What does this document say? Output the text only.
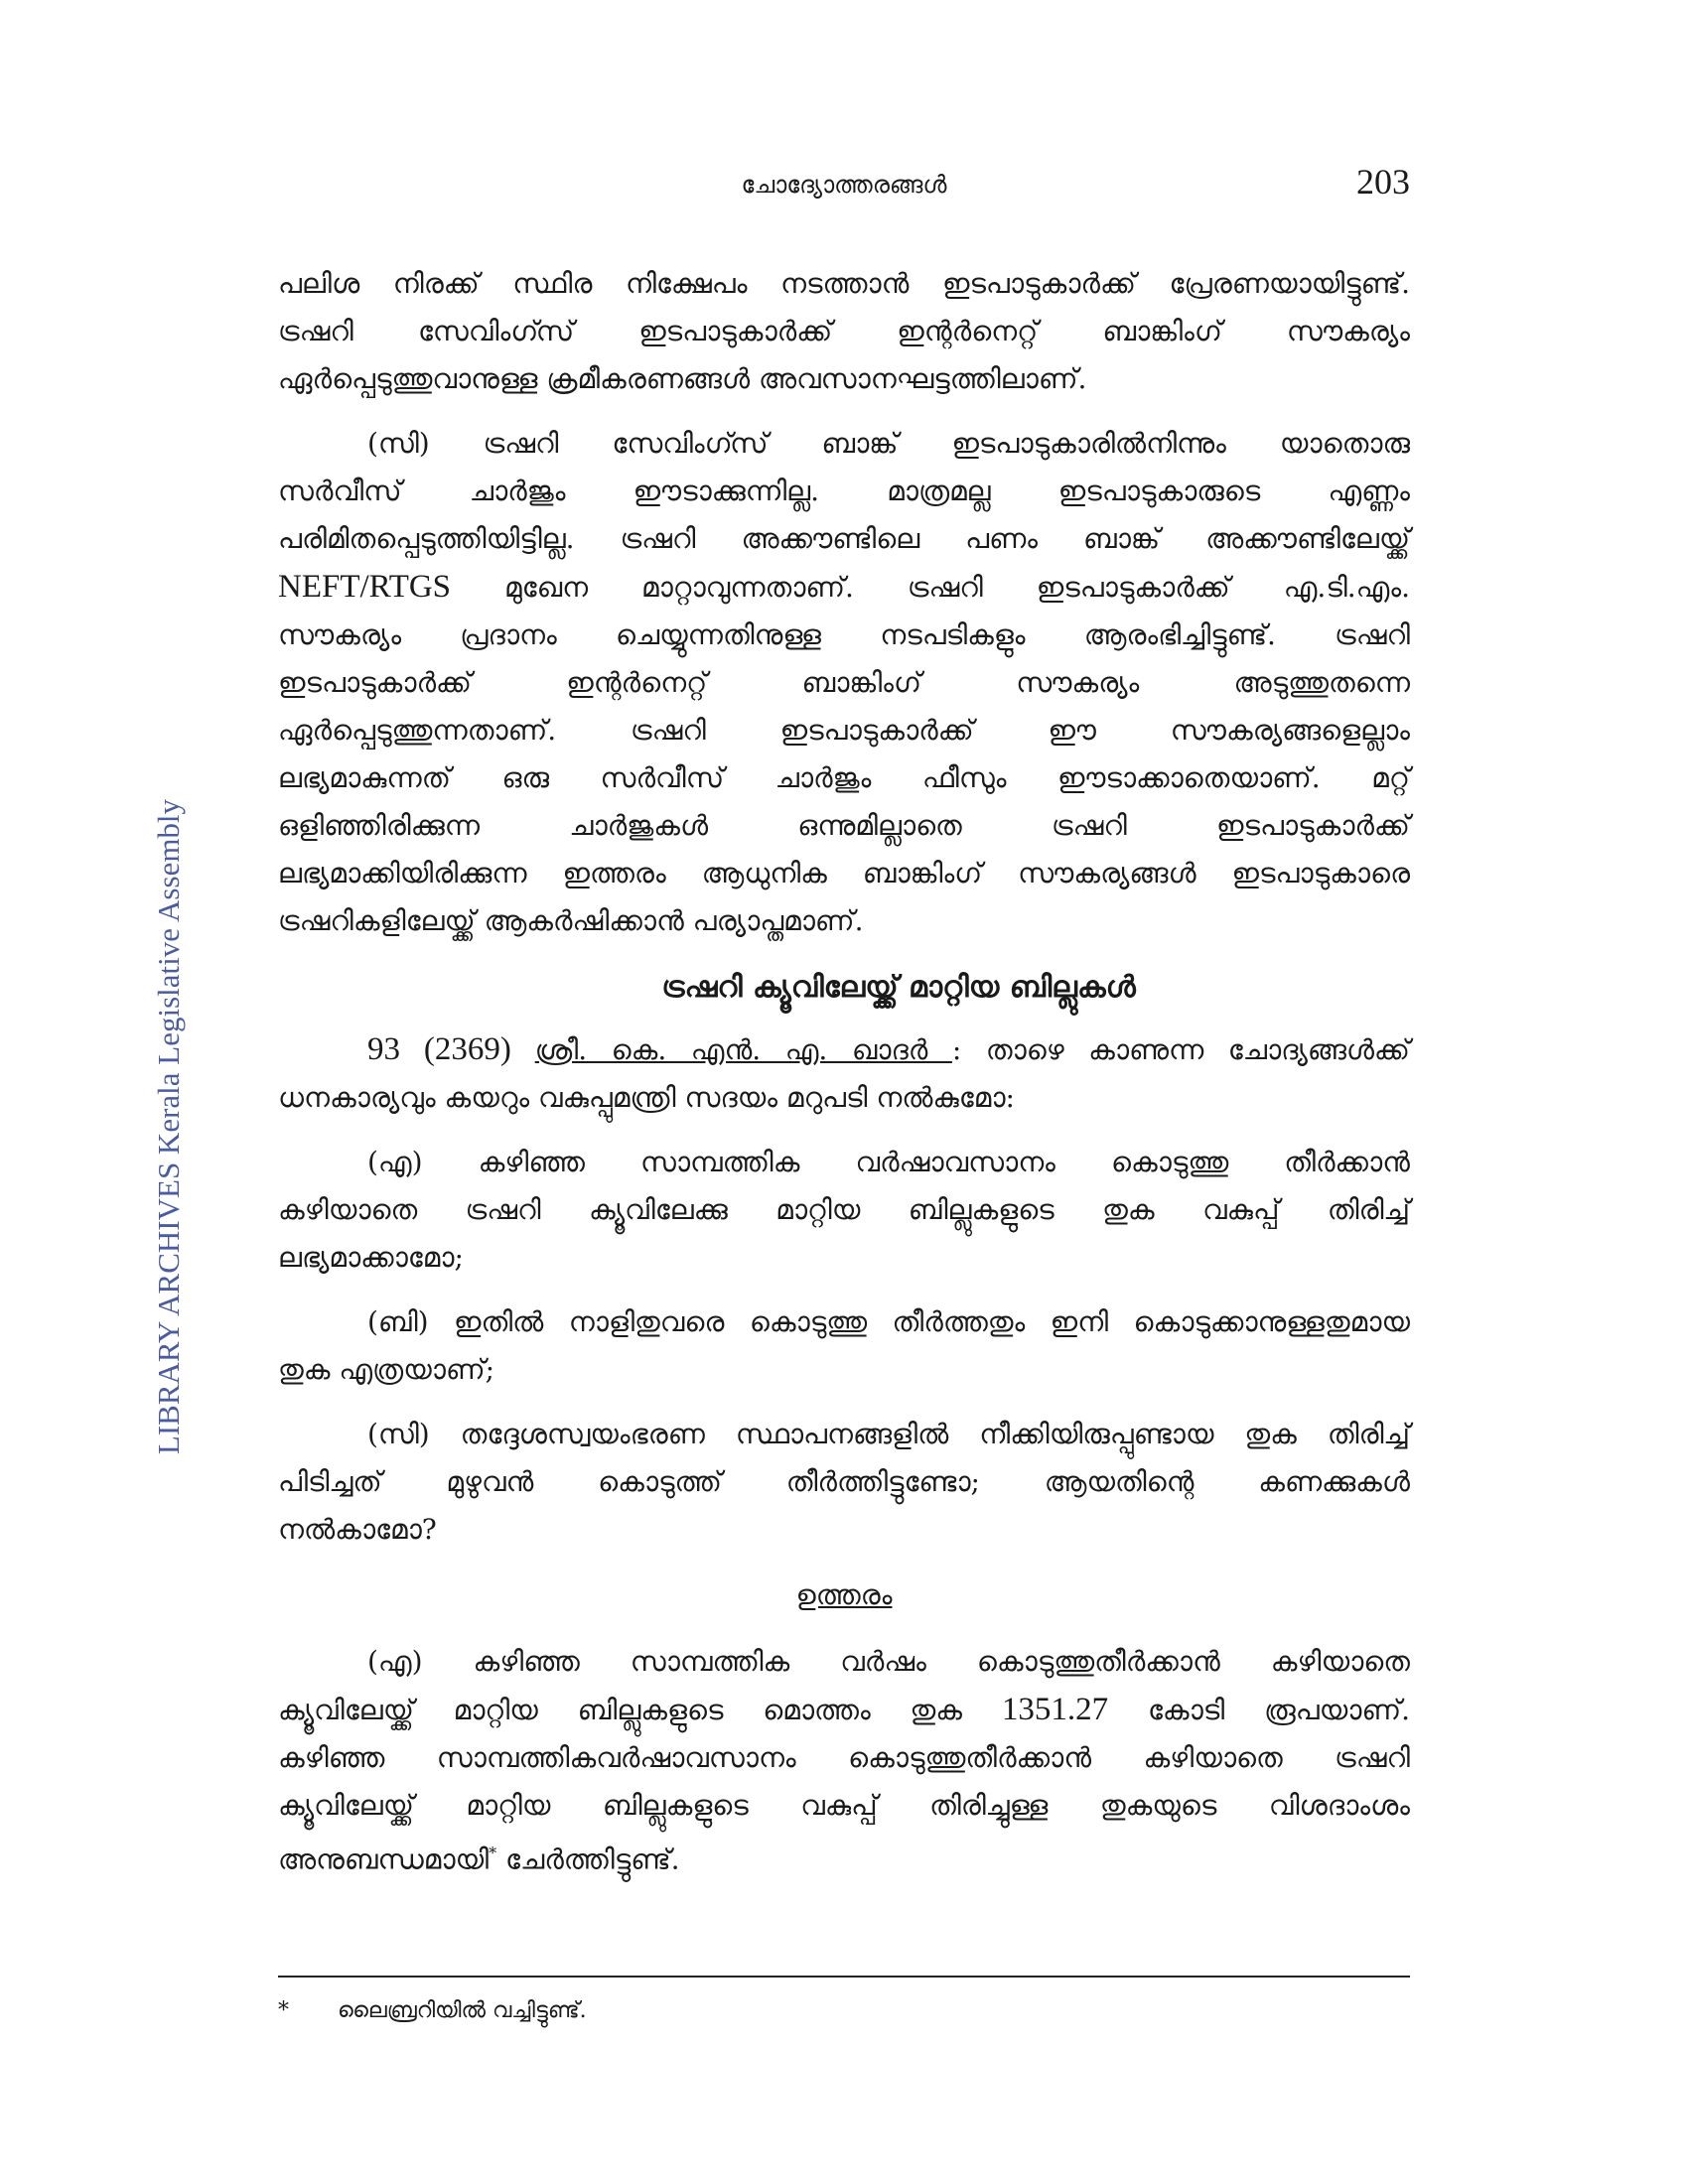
ചോദ്യോത്തരങ്ങൾ	203
LIBRARY ARCHIVES Kerala Legislative Assembly
പലിശ നിരക്ക് സ്ഥിര നിക്ഷേപം നടത്താൻ ഇടപാടുകാർക്ക് പ്രേരണയായിട്ടുണ്ട്.
ട്രഷറി സേവിംഗ്സ് ഇടപാടുകാർക്ക് ഇന്റർനെറ്റ് ബാങ്കിംഗ് സൗകര്യം
ഏർപ്പെടുത്തുവാനുള്ള ക്രമീകരണങ്ങൾ അവസാനഘട്ടത്തിലാണ്.
(സി) ട്രഷറി സേവിംഗ്സ് ബാങ്ക് ഇടപാടുകാരിൽനിന്നും യാതൊരു
സർവീസ് ചാർജും ഈടാക്കുന്നില്ല. മാത്രമല്ല ഇടപാടുകാരുടെ എണ്ണം
പരിമിതപ്പെടുത്തിയിട്ടില്ല. ട്രഷറി അക്കൗണ്ടിലെ പണം ബാങ്ക് അക്കൗണ്ടിലേയ്ക്ക്
NEFT/RTGS മുഖേന മാറ്റാവുന്നതാണ്. ട്രഷറി ഇടപാടുകാർക്ക് എ.ടി.എം.
സൗകര്യം പ്രദാനം ചെയ്യുന്നതിനുള്ള നടപടികളും ആരംഭിച്ചിട്ടുണ്ട്. ട്രഷറി
ഇടപാടുകാർക്ക് ഇന്റർനെറ്റ് ബാങ്കിംഗ് സൗകര്യം അടുത്തുതന്നെ
ഏർപ്പെടുത്തുന്നതാണ്. ട്രഷറി ഇടപാടുകാർക്ക് ഈ സൗകര്യങ്ങളെല്ലാം
ലഭ്യമാകുന്നത് ഒരു സർവീസ് ചാർജും ഫീസും ഈടാക്കാതെയാണ്. മറ്റ്
ഒളിഞ്ഞിരിക്കുന്ന ചാർജുകൾ ഒന്നുമില്ലാതെ ട്രഷറി ഇടപാടുകാർക്ക്
ലഭ്യമാക്കിയിരിക്കുന്ന ഇത്തരം ആധുനിക ബാങ്കിംഗ് സൗകര്യങ്ങൾ ഇടപാടുകാരെ
ട്രഷറികളിലേയ്ക്ക് ആകർഷിക്കാൻ പര്യാപ്തമാണ്.
ട്രഷറി ക്യൂവിലേയ്ക്ക് മാറ്റിയ ബില്ലുകൾ
93 (2369) ശ്രീ. കെ. എൻ. എ. ഖാദർ : താഴെ കാണുന്ന ചോദ്യങ്ങൾക്ക്
ധനകാര്യവും കയറും വകുപ്പുമന്ത്രി സദയം മറുപടി നൽകുമോ:
(എ) കഴിഞ്ഞ സാമ്പത്തിക വർഷാവസാനം കൊടുത്തു തീർക്കാൻ
കഴിയാതെ ട്രഷറി ക്യൂവിലേക്കു മാറ്റിയ ബില്ലുകളുടെ തുക വകുപ്പ് തിരിച്ച്
ലഭ്യമാക്കാമോ;
(ബി) ഇതിൽ നാളിതുവരെ കൊടുത്തു തീർത്തതും ഇനി കൊടുക്കാനുള്ളതുമായ
തുക എത്രയാണ്;
(സി) തദ്ദേശസ്വയംഭരണ സ്ഥാപനങ്ങളിൽ നീക്കിയിരുപ്പുണ്ടായ തുക തിരിച്ച്
പിടിച്ചത് മുഴുവൻ കൊടുത്ത് തീർത്തിട്ടുണ്ടോ; ആയതിന്റെ കണക്കുകൾ
നൽകാമോ?
ഉത്തരം
(എ) കഴിഞ്ഞ സാമ്പത്തിക വർഷം കൊടുത്തുതീർക്കാൻ കഴിയാതെ
ക്യൂവിലേയ്ക്ക് മാറ്റിയ ബില്ലുകളുടെ മൊത്തം തുക 1351.27 കോടി രൂപയാണ്.
കഴിഞ്ഞ സാമ്പത്തികവർഷാവസാനം കൊടുത്തുതീർക്കാൻ കഴിയാതെ ട്രഷറി
ക്യൂവിലേയ്ക്ക് മാറ്റിയ ബില്ലുകളുടെ വകുപ്പ് തിരിച്ചുള്ള തുകയുടെ വിശദാംശം
അനുബന്ധമായി* ചേർത്തിട്ടുണ്ട്.
* ലൈബ്രറിയിൽ വച്ചിട്ടുണ്ട്.
